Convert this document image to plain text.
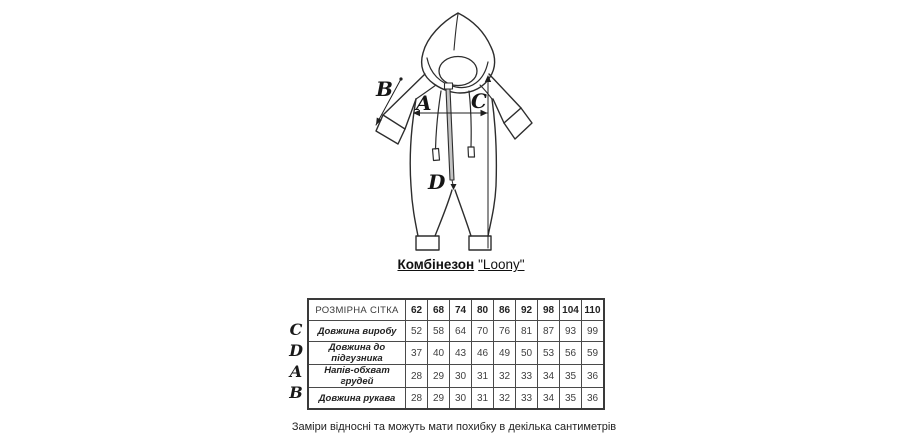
B
A C
D
Комбінезон "Loony"
C
D
A
B
РОЗМІРНА СІТКА	62	68	74	80	86	92	98	104	110
Довжина виробу	52	58	64	70	76	81	87	93	99
Довжина до підгузника	37	40	43	46	49	50	53	56	59
Напів-обхват грудей	28	29	30	31	32	33	34	35	36
Довжина рукава	28	29	30	31	32	33	34	35	36
Заміри відносні та можуть мати похибку в декілька сантиметрів
